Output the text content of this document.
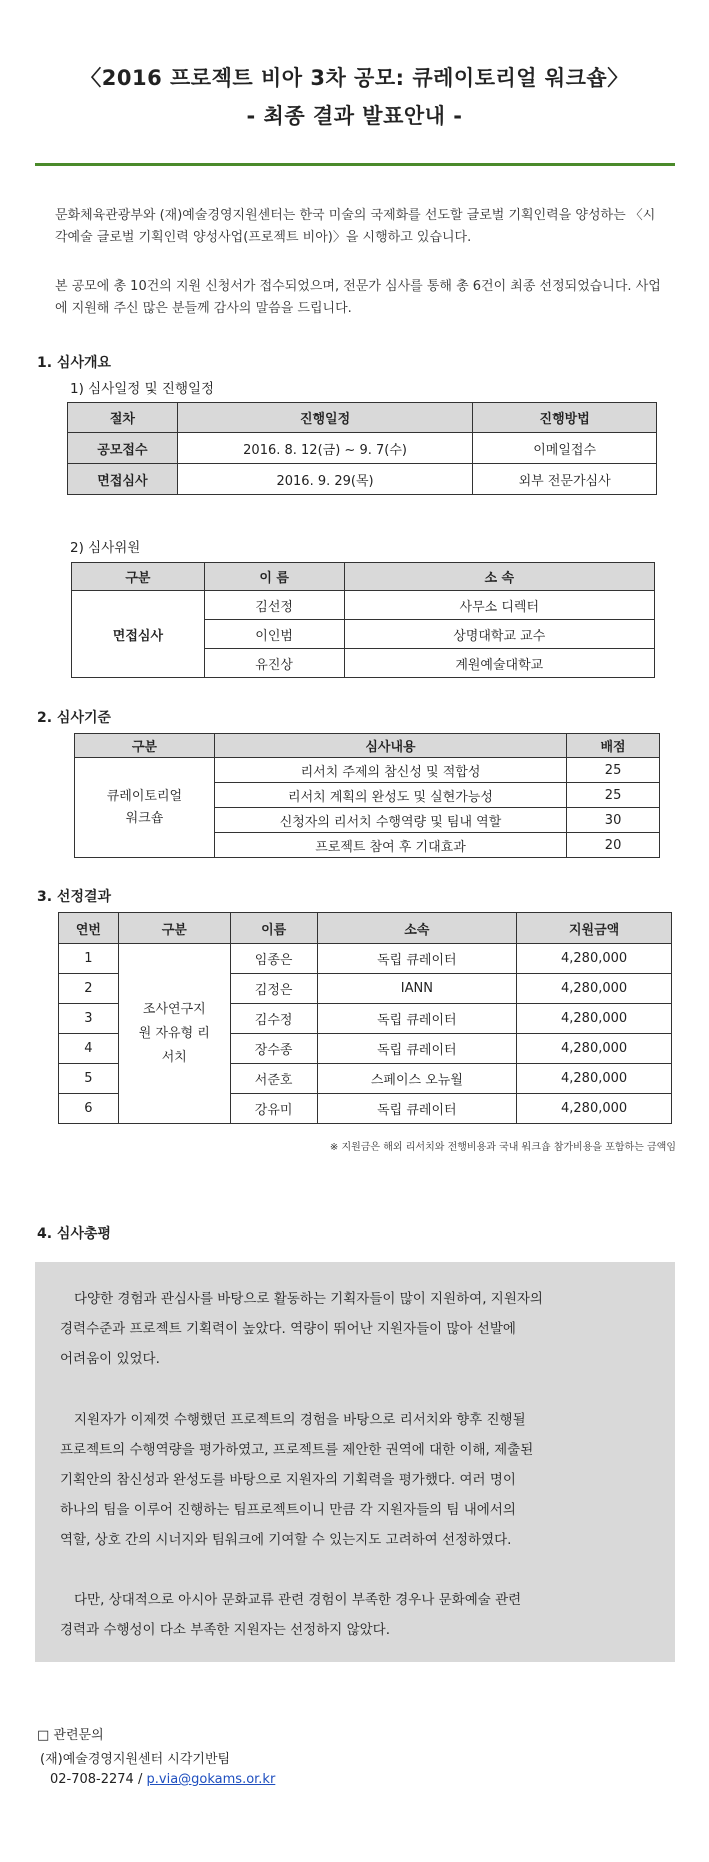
〈2016 프로젝트 비아 3차 공모: 큐레이토리얼 워크숍〉
- 최종 결과 발표안내 -
문화체육관광부와 (재)예술경영지원센터는 한국 미술의 국제화를 선도할 글로벌 기획인력을 양성하는 〈시각예술 글로벌 기획인력 양성사업(프로젝트 비아)〉을 시행하고 있습니다.
본 공모에 총 10건의 지원 신청서가 접수되었으며, 전문가 심사를 통해 총 6건이 최종 선정되었습니다. 사업에 지원해 주신 많은 분들께 감사의 말씀을 드립니다.
1. 심사개요
1) 심사일정 및 진행일정
절차	진행일정	진행방법
공모접수	2016. 8. 12(금) ~ 9. 7(수)	이메일접수
면접심사	2016. 9. 29(목)	외부 전문가심사
2) 심사위원
구분	이 름	소 속
면접심사	김선정	사무소 디렉터
	이인범	상명대학교 교수
	유진상	계원예술대학교
2. 심사기준
구분	심사내용	배점
큐레이토리얼 워크숍	리서치 주제의 참신성 및 적합성	25
	리서치 계획의 완성도 및 실현가능성	25
	신청자의 리서치 수행역량 및 팀내 역할	30
	프로젝트 참여 후 기대효과	20
3. 선정결과
연번	구분	이름	소속	지원금액
1	조사연구지원 자유형 리서치	임종은	독립 큐레이터	4,280,000
2		김정은	IANN	4,280,000
3		김수정	독립 큐레이터	4,280,000
4		장수종	독립 큐레이터	4,280,000
5		서준호	스페이스 오뉴월	4,280,000
6		강유미	독립 큐레이터	4,280,000
※ 지원금은 해외 리서치와 전행비용과 국내 워크숍 참가비용을 포함하는 금액임
4. 심사총평

다양한 경험과 관심사를 바탕으로 활동하는 기획자들이 많이 지원하여, 지원자의

경력수준과 프로젝트 기획력이 높았다. 역량이 뛰어난 지원자들이 많아 선발에

어려움이 있었다.

지원자가 이제껏 수행했던 프로젝트의 경험을 바탕으로 리서치와 향후 진행될

프로젝트의 수행역량을 평가하였고, 프로젝트를 제안한 권역에 대한 이해, 제출된

기획안의 참신성과 완성도를 바탕으로 지원자의 기획력을 평가했다. 여러 명이

하나의 팀을 이루어 진행하는 팀프로젝트이니 만큼 각 지원자들의 팀 내에서의

역할, 상호 간의 시너지와 팀워크에 기여할 수 있는지도 고려하여 선정하였다.

다만, 상대적으로 아시아 문화교류 관련 경험이 부족한 경우나 문화예술 관련

경력과 수행성이 다소 부족한 지원자는 선정하지 않았다.

□ 관련문의
(재)예술경영지원센터 시각기반팀
02-708-2274 / p.via@gokams.or.kr
